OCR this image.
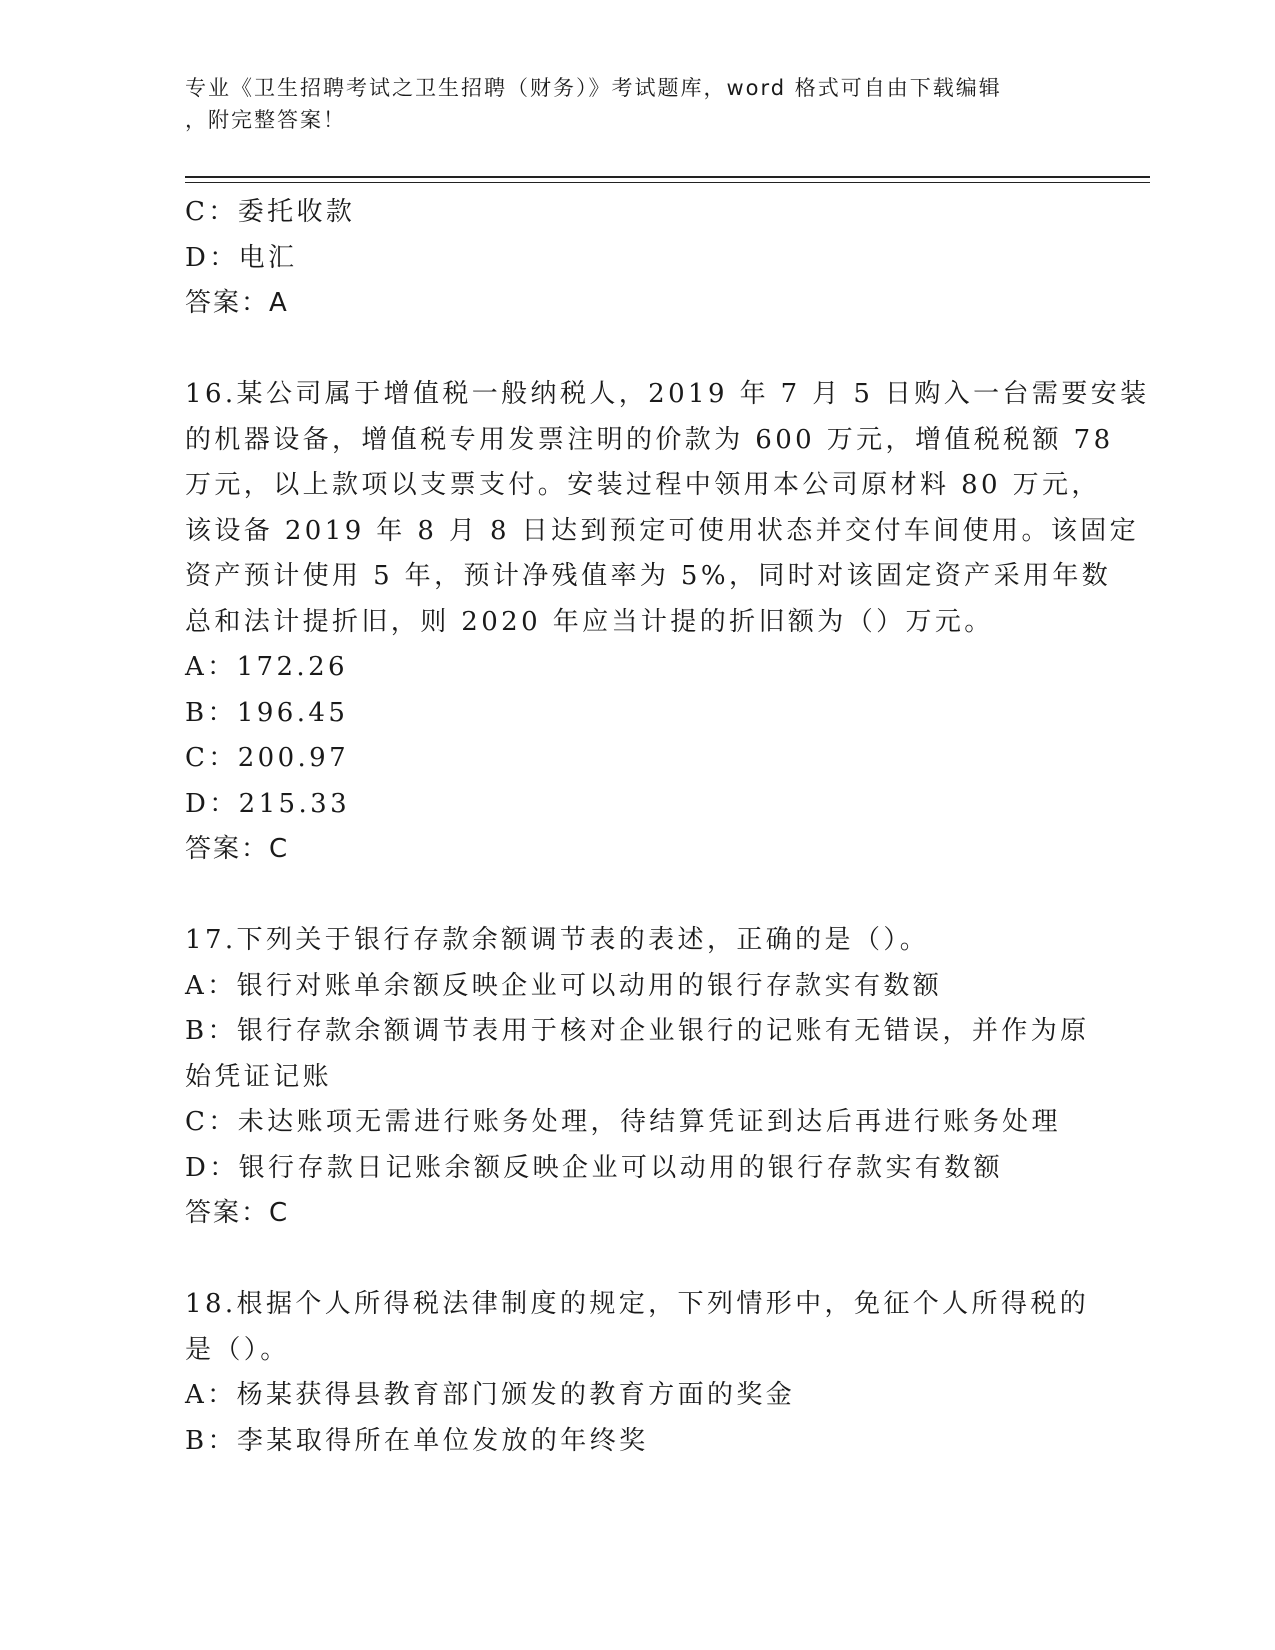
专业《卫生招聘考试之卫生招聘（财务）》考试题库，word 格式可自由下载编辑
，附完整答案！
C：委托收款
D：电汇
答案：A
16.某公司属于增值税一般纳税人，2019 年 7 月 5 日购入一台需要安装
的机器设备，增值税专用发票注明的价款为 600 万元，增值税税额 78
万元，以上款项以支票支付。安装过程中领用本公司原材料 80 万元，
该设备 2019 年 8 月 8 日达到预定可使用状态并交付车间使用。该固定
资产预计使用 5 年，预计净残值率为 5%，同时对该固定资产采用年数
总和法计提折旧，则 2020 年应当计提的折旧额为（）万元。
A：172.26
B：196.45
C：200.97
D：215.33
答案：C
17.下列关于银行存款余额调节表的表述，正确的是（）。
A：银行对账单余额反映企业可以动用的银行存款实有数额
B：银行存款余额调节表用于核对企业银行的记账有无错误，并作为原
始凭证记账
C：未达账项无需进行账务处理，待结算凭证到达后再进行账务处理
D：银行存款日记账余额反映企业可以动用的银行存款实有数额
答案：C
18.根据个人所得税法律制度的规定，下列情形中，免征个人所得税的
是（）。
A：杨某获得县教育部门颁发的教育方面的奖金
B：李某取得所在单位发放的年终奖
